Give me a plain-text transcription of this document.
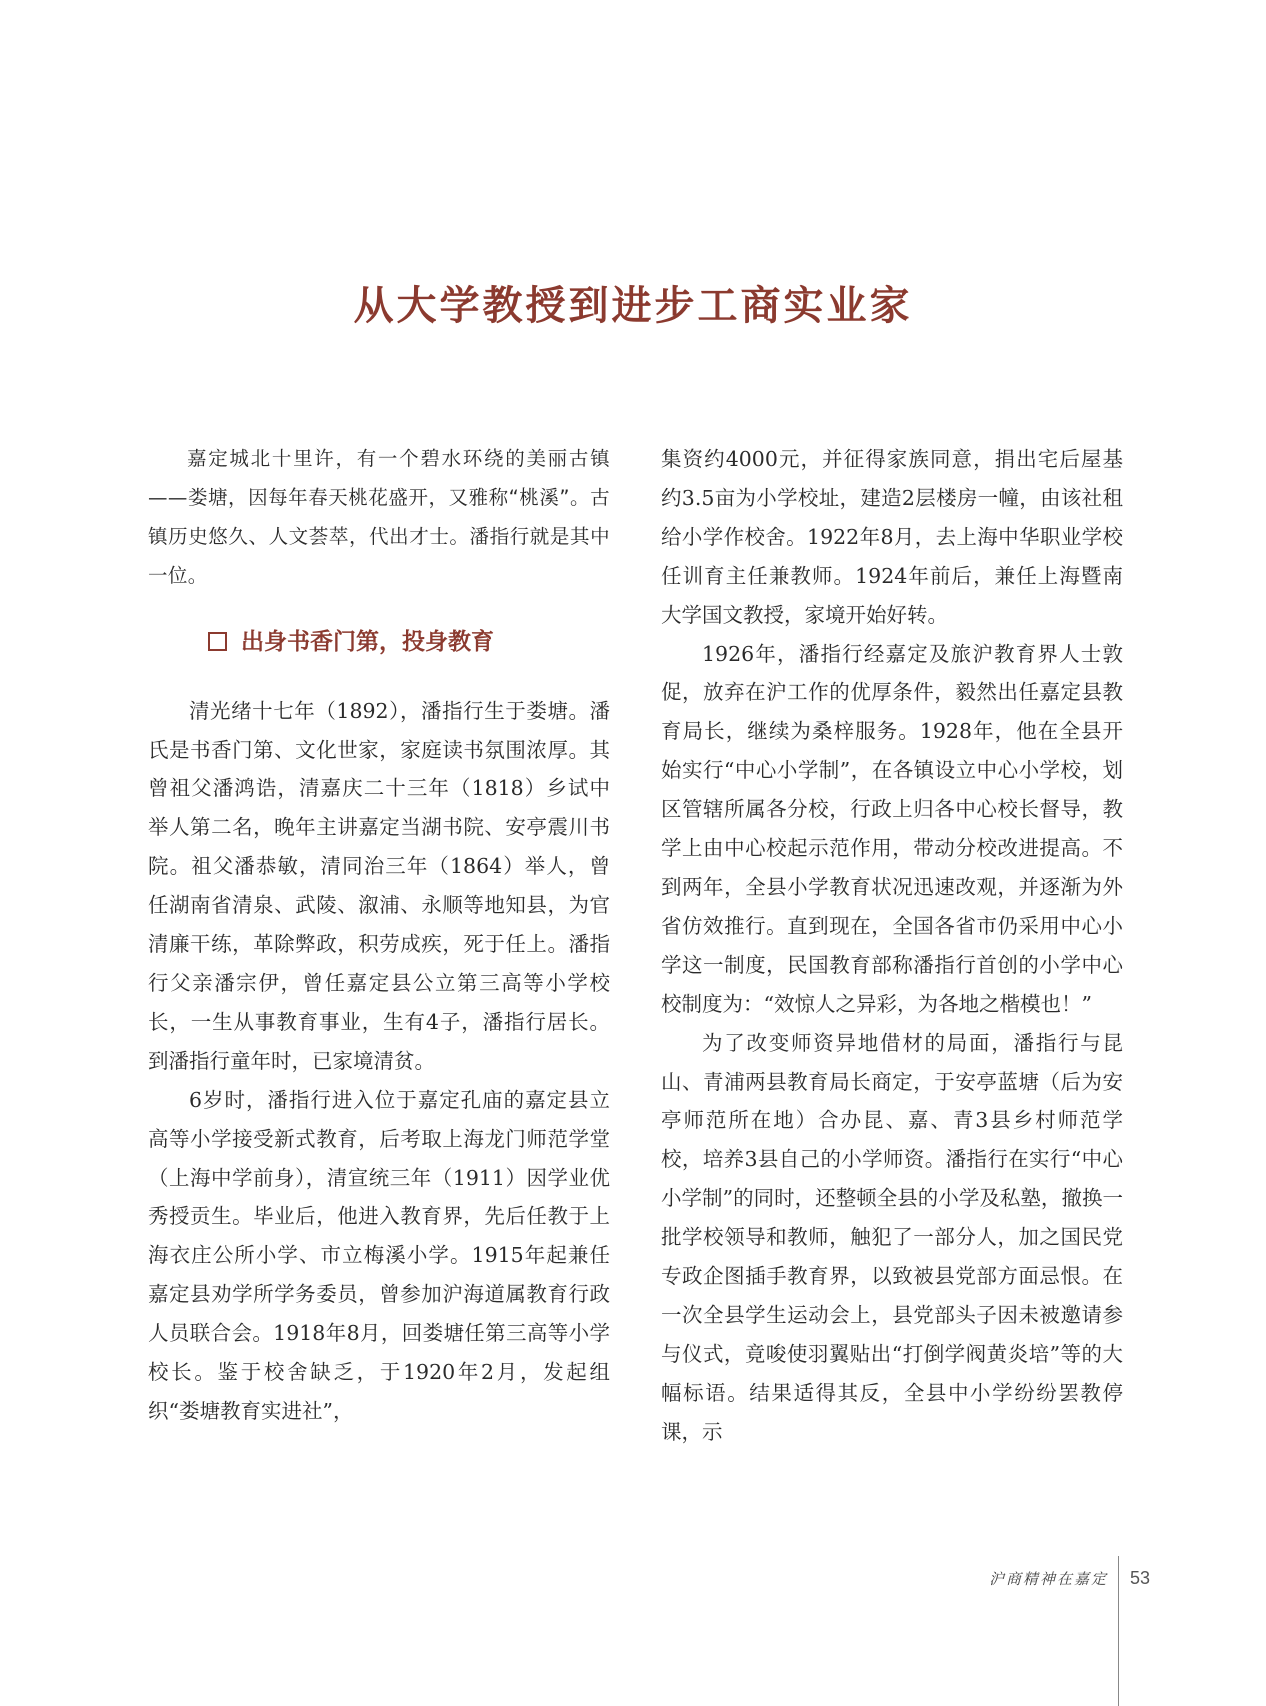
从大学教授到进步工商实业家

嘉定城北十里许，有一个碧水环绕的美丽古镇——娄塘，因每年春天桃花盛开，又雅称“桃溪”。古镇历史悠久、人文荟萃，代出才士。潘指行就是其中一位。

出身书香门第，投身教育

清光绪十七年（1892），潘指行生于娄塘。潘氏是书香门第、文化世家，家庭读书氛围浓厚。其曾祖父潘鸿诰，清嘉庆二十三年（1818）乡试中举人第二名，晚年主讲嘉定当湖书院、安亭震川书院。祖父潘恭敏，清同治三年（1864）举人，曾任湖南省清泉、武陵、溆浦、永顺等地知县，为官清廉干练，革除弊政，积劳成疾，死于任上。潘指行父亲潘宗伊，曾任嘉定县公立第三高等小学校长，一生从事教育事业，生有4子，潘指行居长。到潘指行童年时，已家境清贫。

6岁时，潘指行进入位于嘉定孔庙的嘉定县立高等小学接受新式教育，后考取上海龙门师范学堂（上海中学前身），清宣统三年（1911）因学业优秀授贡生。毕业后，他进入教育界，先后任教于上海衣庄公所小学、市立梅溪小学。1915年起兼任嘉定县劝学所学务委员，曾参加沪海道属教育行政人员联合会。1918年8月，回娄塘任第三高等小学校长。鉴于校舍缺乏，于1920年2月，发起组织“娄塘教育实进社”，

集资约4000元，并征得家族同意，捐出宅后屋基约3.5亩为小学校址，建造2层楼房一幢，由该社租给小学作校舍。1922年8月，去上海中华职业学校任训育主任兼教师。1924年前后，兼任上海暨南大学国文教授，家境开始好转。

1926年，潘指行经嘉定及旅沪教育界人士敦促，放弃在沪工作的优厚条件，毅然出任嘉定县教育局长，继续为桑梓服务。1928年，他在全县开始实行“中心小学制”，在各镇设立中心小学校，划区管辖所属各分校，行政上归各中心校长督导，教学上由中心校起示范作用，带动分校改进提高。不到两年，全县小学教育状况迅速改观，并逐渐为外省仿效推行。直到现在，全国各省市仍采用中心小学这一制度，民国教育部称潘指行首创的小学中心校制度为：“效惊人之异彩，为各地之楷模也！”

为了改变师资异地借材的局面，潘指行与昆山、青浦两县教育局长商定，于安亭蓝塘（后为安亭师范所在地）合办昆、嘉、青3县乡村师范学校，培养3县自己的小学师资。潘指行在实行“中心小学制”的同时，还整顿全县的小学及私塾，撤换一批学校领导和教师，触犯了一部分人，加之国民党专政企图插手教育界，以致被县党部方面忌恨。在一次全县学生运动会上，县党部头子因未被邀请参与仪式，竟唆使羽翼贴出“打倒学阀黄炎培”等的大幅标语。结果适得其反，全县中小学纷纷罢教停课，示

沪商精神在嘉定 53
